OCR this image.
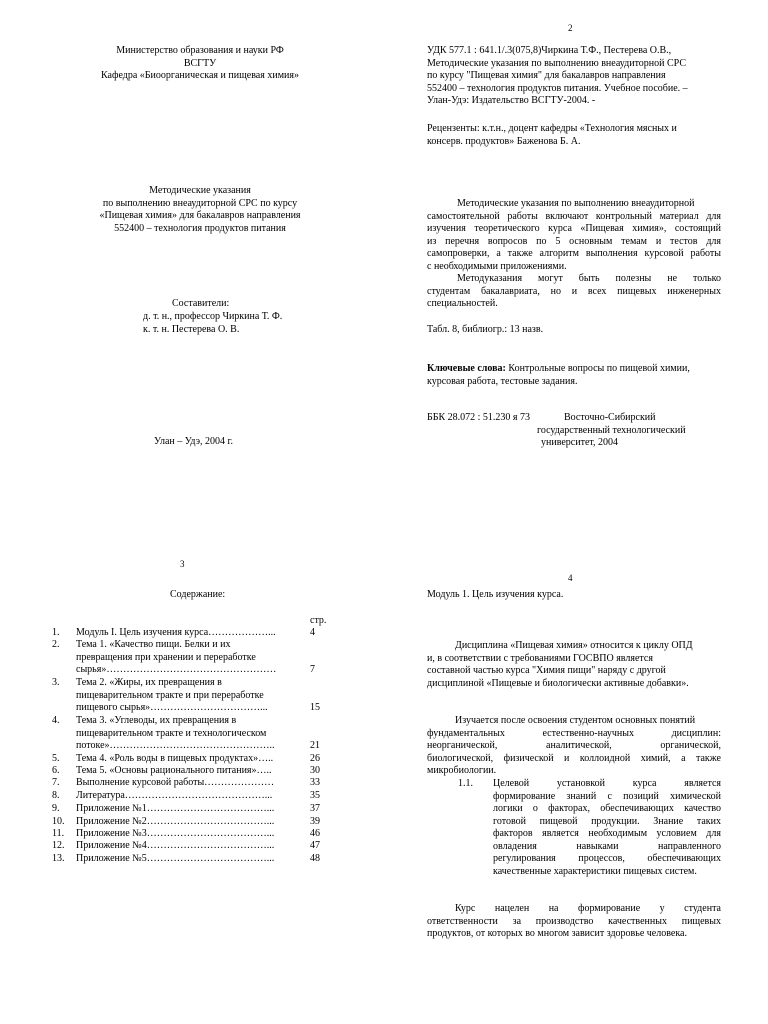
Министерство образования и науки РФ
ВСГТУ
Кафедра «Биоорганическая и пищевая химия»
Методические указания
по выполнению внеаудиторной СРС по курсу
«Пищевая химия» для бакалавров направления
552400 – технология продуктов питания
Составители:
д. т. н., профессор Чиркина Т. Ф.
к. т. н. Пестерева О. В.
Улан – Удэ, 2004 г.
2
УДК 577.1 : 641.1/.3(075,8)Чиркина Т.Ф., Пестерева О.В.,
Методические указания по выполнению внеаудиторной СРС
по курсу "Пищевая химия" для бакалавров направления
552400 – технология продуктов питания. Учебное пособие. –
Улан-Удэ: Издательство ВСГТУ-2004. -
Рецензенты: к.т.н., доцент кафедры «Технология мясных и
консерв. продуктов» Баженова Б. А.
Методические указания по выполнению внеаудиторной
самостоятельной работы включают контрольный материал для
изучения теоретического курса «Пищевая химия», состоящий
из перечня вопросов по 5 основным темам и тестов для
самопроверки, а также алгоритм выполнения курсовой работы
с необходимыми приложениями.
Методуказания могут быть полезны не только
студентам бакалавриата, но и всех пищевых инженерных
специальностей.
Табл. 8, библиогр.: 13 назв.
Ключевые слова: Контрольные вопросы по пищевой химии,
курсовая работа, тестовые задания.
ББК 28.072 : 51.230 я 73	Восточно-Сибирский
государственный технологический
университет, 2004
3
Содержание:
стр.
1. Модуль I. Цель изучения курса………………...	4
2. Тема 1. «Качество пищи. Белки и их
превращения при хранении и переработке
сырья»……………………………………………	7
3. Тема 2. «Жиры, их превращения в
пищеварительном тракте и при переработке
пищевого сырья»……………………………...	15
4. Тема 3. «Углеводы, их превращения в
пищеварительном тракте и технологическом
потоке»…………………………………………..	21
5. Тема 4. «Роль воды в пищевых продуктах»…..	26
6. Тема 5. «Основы рационального питания»…..	30
7. Выполнение курсовой работы…………………	33
8. Литература……………………………………...	35
9. Приложение №1………………………………...	37
10. Приложение №2………………………………...	39
11. Приложение №3………………………………...	46
12. Приложение №4………………………………...	47
13. Приложение №5………………………………...	48
4
Модуль 1. Цель изучения курса.
Дисциплина «Пищевая химия» относится к циклу ОПД
и, в соответствии с требованиями ГОСВПО является
составной частью курса "Химия пищи" наряду с другой
дисциплиной «Пищевые и биологически активные добавки».
Изучается после освоения студентом основных понятий
фундаментальных естественно-научных дисциплин:
неорганической, аналитической, органической,
биологической, физической и коллоидной химий, а также
микробиологии.
1.1. Целевой установкой курса является
формирование знаний с позиций химической
логики о факторах, обеспечивающих качество
готовой пищевой продукции. Знание таких
факторов является необходимым условием для
овладения навыками направленного
регулирования процессов, обеспечивающих
качественные характеристики пищевых систем.
Курс нацелен на формирование у студента
ответственности за производство качественных пищевых
продуктов, от которых во многом зависит здоровье человека.
